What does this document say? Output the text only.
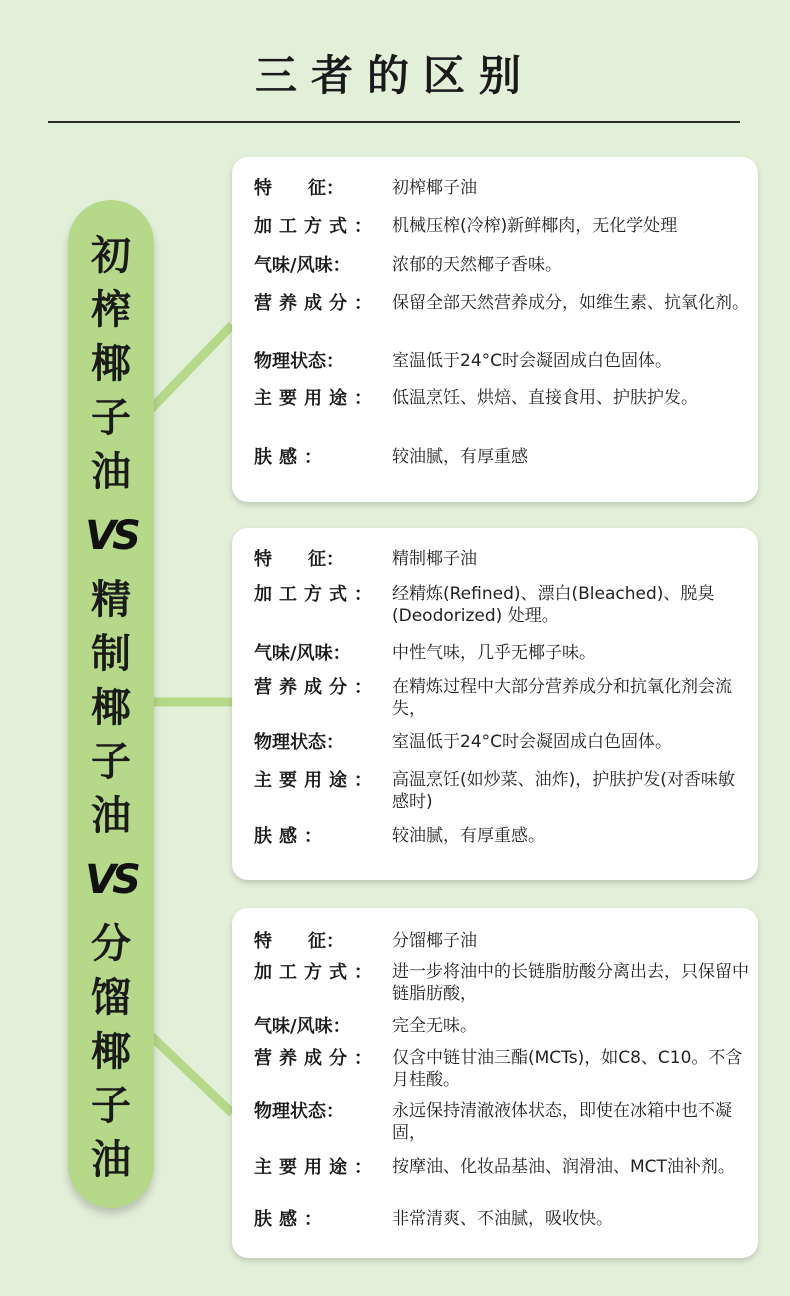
三者的区别
初
榨
椰
子
油
VS
精
制
椰
子
油
VS
分
馏
椰
子
油
特　　征：	初榨椰子油
加工方式： 机械压榨(冷榨)新鲜椰肉，无化学处理
气味/风味：	浓郁的天然椰子香味。
营养成分： 保留全部天然营养成分，如维生素、抗氧化剂。
物理状态：	室温低于24°C时会凝固成白色固体。
主要用途： 低温烹饪、烘焙、直接食用、护肤护发。
肤感：	较油腻，有厚重感
特　　征：	精制椰子油
加工方式： 经精炼(Refined)、漂白(Bleached)、脱臭(Deodorized) 处理。
气味/风味：	中性气味，几乎无椰子味。
营养成分： 在精炼过程中大部分营养成分和抗氧化剂会流失，
物理状态：	室温低于24°C时会凝固成白色固体。
主要用途： 高温烹饪(如炒菜、油炸)，护肤护发(对香味敏感时)
肤感：	较油腻，有厚重感。
特　　征：	分馏椰子油
加工方式： 进一步将油中的长链脂肪酸分离出去，只保留中链脂肪酸，
气味/风味：	完全无味。
营养成分： 仅含中链甘油三酯(MCTs)，如C8、C10。不含月桂酸。
物理状态：	永远保持清澈液体状态，即使在冰箱中也不凝固，
主要用途： 按摩油、化妆品基油、润滑油、MCT油补剂。
肤感：	非常清爽、不油腻，吸收快。
